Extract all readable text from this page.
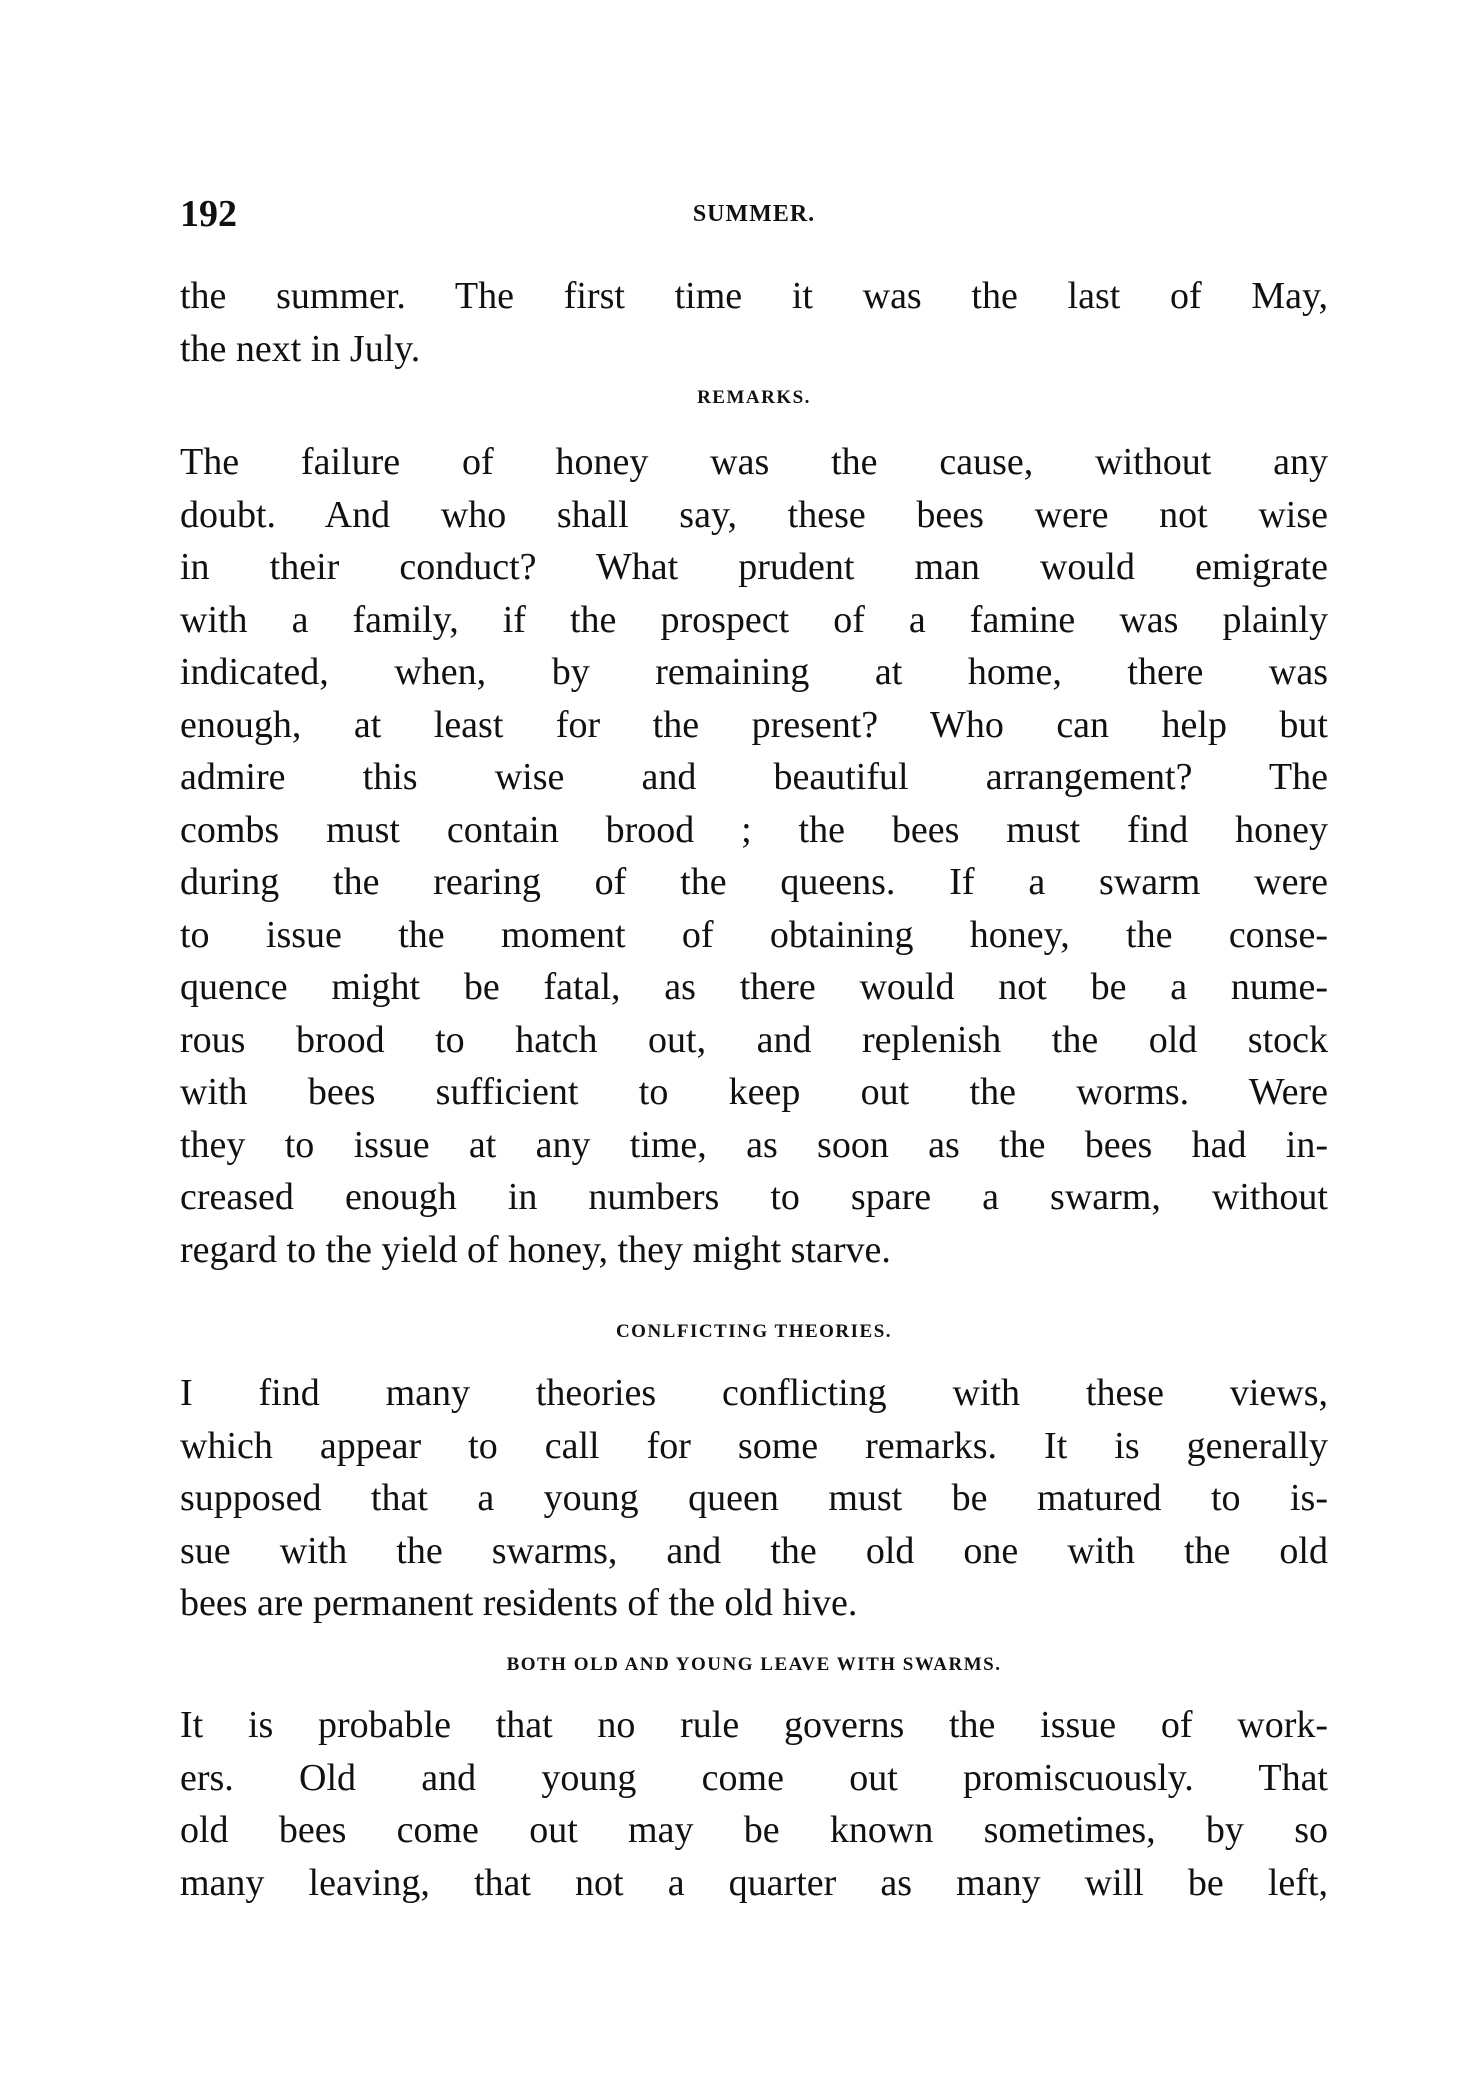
192	SUMMER.
the summer. The first time it was the last of May,
the next in July.
REMARKS.
The failure of honey was the cause, without any
doubt. And who shall say, these bees were not wise
in their conduct? What prudent man would emigrate
with a family, if the prospect of a famine was plainly
indicated, when, by remaining at home, there was
enough, at least for the present? Who can help but
admire this wise and beautiful arrangement? The
combs must contain brood ; the bees must find honey
during the rearing of the queens. If a swarm were
to issue the moment of obtaining honey, the conse-
quence might be fatal, as there would not be a nume-
rous brood to hatch out, and replenish the old stock
with bees sufficient to keep out the worms. Were
they to issue at any time, as soon as the bees had in-
creased enough in numbers to spare a swarm, without
regard to the yield of honey, they might starve.
CONLFICTING THEORIES.
I find many theories conflicting with these views,
which appear to call for some remarks. It is generally
supposed that a young queen must be matured to is-
sue with the swarms, and the old one with the old
bees are permanent residents of the old hive.
BOTH OLD AND YOUNG LEAVE WITH SWARMS.
It is probable that no rule governs the issue of work-
ers. Old and young come out promiscuously. That
old bees come out may be known sometimes, by so
many leaving, that not a quarter as many will be left,
